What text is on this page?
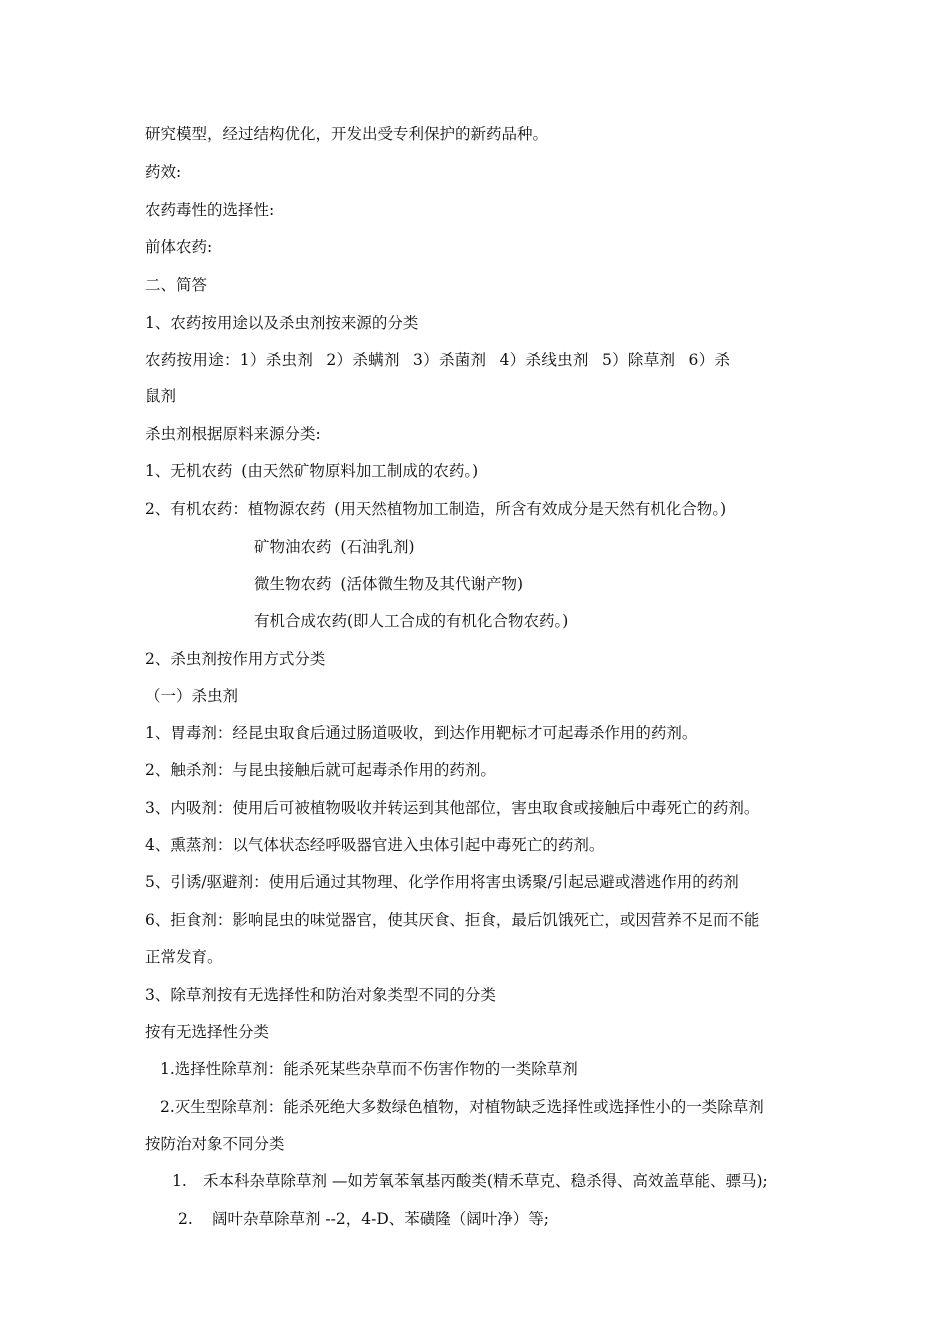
研究模型，经过结构优化，开发出受专利保护的新药品种。
药效:
农药毒性的选择性:
前体农药:
二、简答
1、农药按用途以及杀虫剂按来源的分类
农药按用途：1）杀虫剂 2）杀螨剂 3）杀菌剂 4）杀线虫剂 5）除草剂 6）杀
鼠剂
杀虫剂根据原料来源分类:
1、无机农药 (由天然矿物原料加工制成的农药。)
2、有机农药：植物源农药 (用天然植物加工制造，所含有效成分是天然有机化合物。)
矿物油农药 (石油乳剂)
微生物农药 (活体微生物及其代谢产物)
有机合成农药(即人工合成的有机化合物农药。)
2、杀虫剂按作用方式分类
（一）杀虫剂
1、胃毒剂：经昆虫取食后通过肠道吸收，到达作用靶标才可起毒杀作用的药剂。
2、触杀剂：与昆虫接触后就可起毒杀作用的药剂。
3、内吸剂：使用后可被植物吸收并转运到其他部位，害虫取食或接触后中毒死亡的药剂。
4、熏蒸剂：以气体状态经呼吸器官进入虫体引起中毒死亡的药剂。
5、引诱/驱避剂：使用后通过其物理、化学作用将害虫诱聚/引起忌避或潜逃作用的药剂
6、拒食剂：影响昆虫的味觉器官，使其厌食、拒食，最后饥饿死亡，或因营养不足而不能
正常发育。
3、除草剂按有无选择性和防治对象类型不同的分类
按有无选择性分类
1.选择性除草剂：能杀死某些杂草而不伤害作物的一类除草剂
2.灭生型除草剂：能杀死绝大多数绿色植物，对植物缺乏选择性或选择性小的一类除草剂
按防治对象不同分类
1. 禾本科杂草除草剂 —如芳氧苯氧基丙酸类(精禾草克、稳杀得、高效盖草能、骠马);
2. 阔叶杂草除草剂 --2，4-D、苯磺隆（阔叶净）等;
